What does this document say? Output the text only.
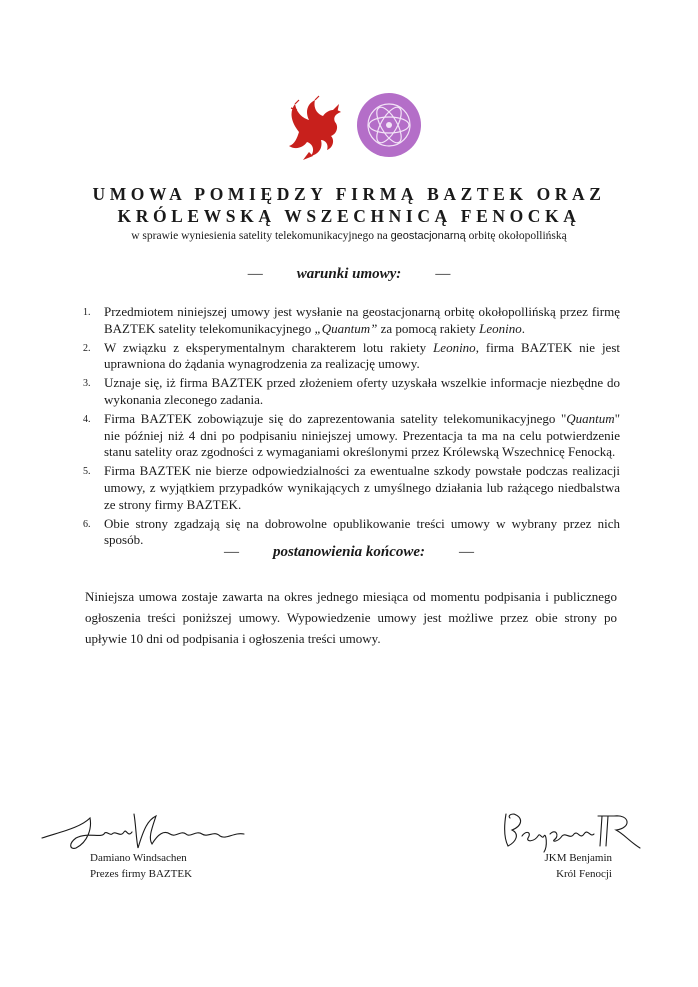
UMOWA POMIĘDZY FIRMĄ BAZTEK ORAZ
KRÓLEWSKĄ WSZECHNICĄ FENOCKĄ
w sprawie wyniesienia satelity telekomunikacyjnego na geostacjonarną orbitę okołopollińską
— warunki umowy: —
1. Przedmiotem niniejszej umowy jest wysłanie na geostacjonarną orbitę okołopollińską przez firmę BAZTEK satelity telekomunikacyjnego „Quantum” za pomocą rakiety Leonino.
2. W związku z eksperymentalnym charakterem lotu rakiety Leonino, firma BAZTEK nie jest uprawniona do żądania wynagrodzenia za realizację umowy.
3. Uznaje się, iż firma BAZTEK przed złożeniem oferty uzyskała wszelkie informacje niezbędne do wykonania zleconego zadania.
4. Firma BAZTEK zobowiązuje się do zaprezentowania satelity telekomunikacyjnego "Quantum" nie później niż 4 dni po podpisaniu niniejszej umowy. Prezentacja ta ma na celu potwierdzenie stanu satelity oraz zgodności z wymaganiami określonymi przez Królewską Wszechnicę Fenocką.
5. Firma BAZTEK nie bierze odpowiedzialności za ewentualne szkody powstałe podczas realizacji umowy, z wyjątkiem przypadków wynikających z umyślnego działania lub rażącego niedbalstwa ze strony firmy BAZTEK.
6. Obie strony zgadzają się na dobrowolne opublikowanie treści umowy w wybrany przez nich sposób.
— postanowienia końcowe: —
Niniejsza umowa zostaje zawarta na okres jednego miesiąca od momentu podpisania i publicznego ogłoszenia treści poniższej umowy. Wypowiedzenie umowy jest możliwe przez obie strony po upływie 10 dni od podpisania i ogłoszenia treści umowy.
Damiano Windsachen
Prezes firmy BAZTEK
JKM Benjamin
Król Fenocji
